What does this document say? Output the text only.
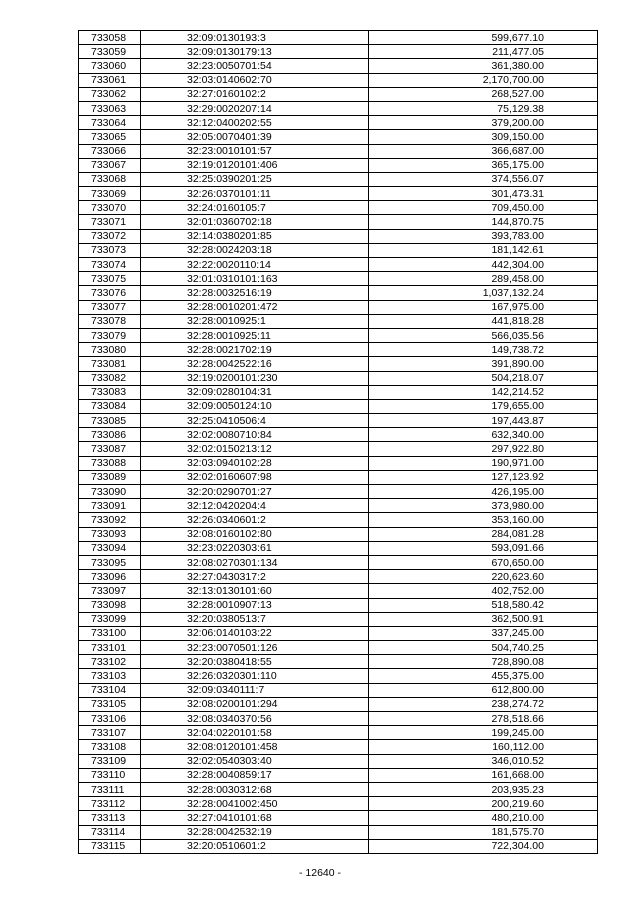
733058	32:09:0130193:3	599,677.10
733059	32:09:0130179:13	211,477.05
733060	32:23:0050701:54	361,380.00
733061	32:03:0140602:70	2,170,700.00
733062	32:27:0160102:2	268,527.00
733063	32:29:0020207:14	75,129.38
733064	32:12:0400202:55	379,200.00
733065	32:05:0070401:39	309,150.00
733066	32:23:0010101:57	366,687.00
733067	32:19:0120101:406	365,175.00
733068	32:25:0390201:25	374,556.07
733069	32:26:0370101:11	301,473.31
733070	32:24:0160105:7	709,450.00
733071	32:01:0360702:18	144,870.75
733072	32:14:0380201:85	393,783.00
733073	32:28:0024203:18	181,142.61
733074	32:22:0020110:14	442,304.00
733075	32:01:0310101:163	289,458.00
733076	32:28:0032516:19	1,037,132.24
733077	32:28:0010201:472	167,975.00
733078	32:28:0010925:1	441,818.28
733079	32:28:0010925:11	566,035.56
733080	32:28:0021702:19	149,738.72
733081	32:28:0042522:16	391,890.00
733082	32:19:0200101:230	504,218.07
733083	32:09:0280104:31	142,214.52
733084	32:09:0050124:10	179,655.00
733085	32:25:0410506:4	197,443.87
733086	32:02:0080710:84	632,340.00
733087	32:02:0150213:12	297,922.80
733088	32:03:0940102:28	190,971.00
733089	32:02:0160607:98	127,123.92
733090	32:20:0290701:27	426,195.00
733091	32:12:0420204:4	373,980.00
733092	32:26:0340601:2	353,160.00
733093	32:08:0160102:80	284,081.28
733094	32:23:0220303:61	593,091.66
733095	32:08:0270301:134	670,650.00
733096	32:27:0430317:2	220,623.60
733097	32:13:0130101:60	402,752.00
733098	32:28:0010907:13	518,580.42
733099	32:20:0380513:7	362,500.91
733100	32:06:0140103:22	337,245.00
733101	32:23:0070501:126	504,740.25
733102	32:20:0380418:55	728,890.08
733103	32:26:0320301:110	455,375.00
733104	32:09:0340111:7	612,800.00
733105	32:08:0200101:294	238,274.72
733106	32:08:0340370:56	278,518.66
733107	32:04:0220101:58	199,245.00
733108	32:08:0120101:458	160,112.00
733109	32:02:0540303:40	346,010.52
733110	32:28:0040859:17	161,668.00
733111	32:28:0030312:68	203,935.23
733112	32:28:0041002:450	200,219.60
733113	32:27:0410101:68	480,210.00
733114	32:28:0042532:19	181,575.70
733115	32:20:0510601:2	722,304.00
- 12640 -
